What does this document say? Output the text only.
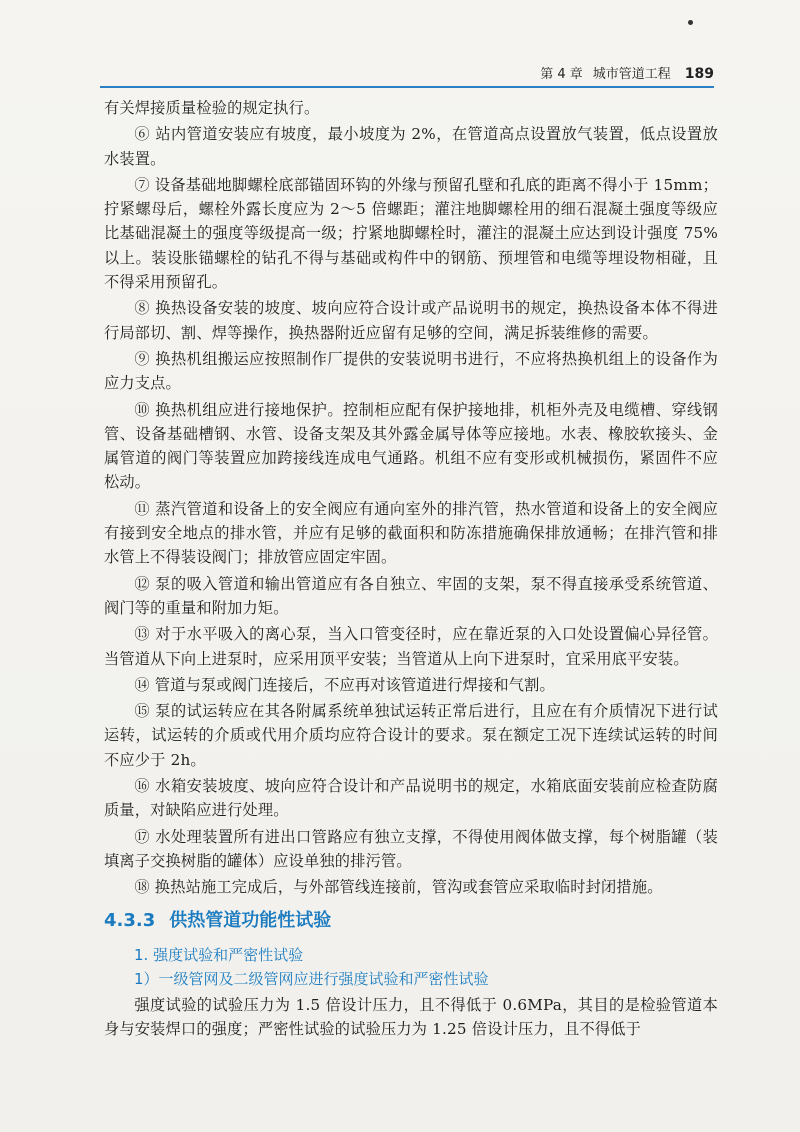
第 4 章 城市管道工程 189

有关焊接质量检验的规定执行。

⑥ 站内管道安装应有坡度，最小坡度为 2%，在管道高点设置放气装置，低点设置放水装置。

⑦ 设备基础地脚螺栓底部锚固环钩的外缘与预留孔壁和孔底的距离不得小于 15mm；拧紧螺母后，螺栓外露长度应为 2～5 倍螺距；灌注地脚螺栓用的细石混凝土强度等级应比基础混凝土的强度等级提高一级；拧紧地脚螺栓时，灌注的混凝土应达到设计强度 75% 以上。装设胀锚螺栓的钻孔不得与基础或构件中的钢筋、预埋管和电缆等埋设物相碰，且不得采用预留孔。

⑧ 换热设备安装的坡度、坡向应符合设计或产品说明书的规定，换热设备本体不得进行局部切、割、焊等操作，换热器附近应留有足够的空间，满足拆装维修的需要。

⑨ 换热机组搬运应按照制作厂提供的安装说明书进行，不应将热换机组上的设备作为应力支点。

⑩ 换热机组应进行接地保护。控制柜应配有保护接地排，机柜外壳及电缆槽、穿线钢管、设备基础槽钢、水管、设备支架及其外露金属导体等应接地。水表、橡胶软接头、金属管道的阀门等装置应加跨接线连成电气通路。机组不应有变形或机械损伤，紧固件不应松动。

⑪ 蒸汽管道和设备上的安全阀应有通向室外的排汽管，热水管道和设备上的安全阀应有接到安全地点的排水管，并应有足够的截面积和防冻措施确保排放通畅；在排汽管和排水管上不得装设阀门；排放管应固定牢固。

⑫ 泵的吸入管道和输出管道应有各自独立、牢固的支架，泵不得直接承受系统管道、阀门等的重量和附加力矩。

⑬ 对于水平吸入的离心泵，当入口管变径时，应在靠近泵的入口处设置偏心异径管。当管道从下向上进泵时，应采用顶平安装；当管道从上向下进泵时，宜采用底平安装。

⑭ 管道与泵或阀门连接后，不应再对该管道进行焊接和气割。

⑮ 泵的试运转应在其各附属系统单独试运转正常后进行，且应在有介质情况下进行试运转，试运转的介质或代用介质均应符合设计的要求。泵在额定工况下连续试运转的时间不应少于 2h。

⑯ 水箱安装坡度、坡向应符合设计和产品说明书的规定，水箱底面安装前应检查防腐质量，对缺陷应进行处理。

⑰ 水处理装置所有进出口管路应有独立支撑，不得使用阀体做支撑，每个树脂罐（装填离子交换树脂的罐体）应设单独的排污管。

⑱ 换热站施工完成后，与外部管线连接前，管沟或套管应采取临时封闭措施。

4.3.3 供热管道功能性试验
1. 强度试验和严密性试验
1）一级管网及二级管网应进行强度试验和严密性试验

强度试验的试验压力为 1.5 倍设计压力，且不得低于 0.6MPa，其目的是检验管道本身与安装焊口的强度；严密性试验的试验压力为 1.25 倍设计压力，且不得低于
